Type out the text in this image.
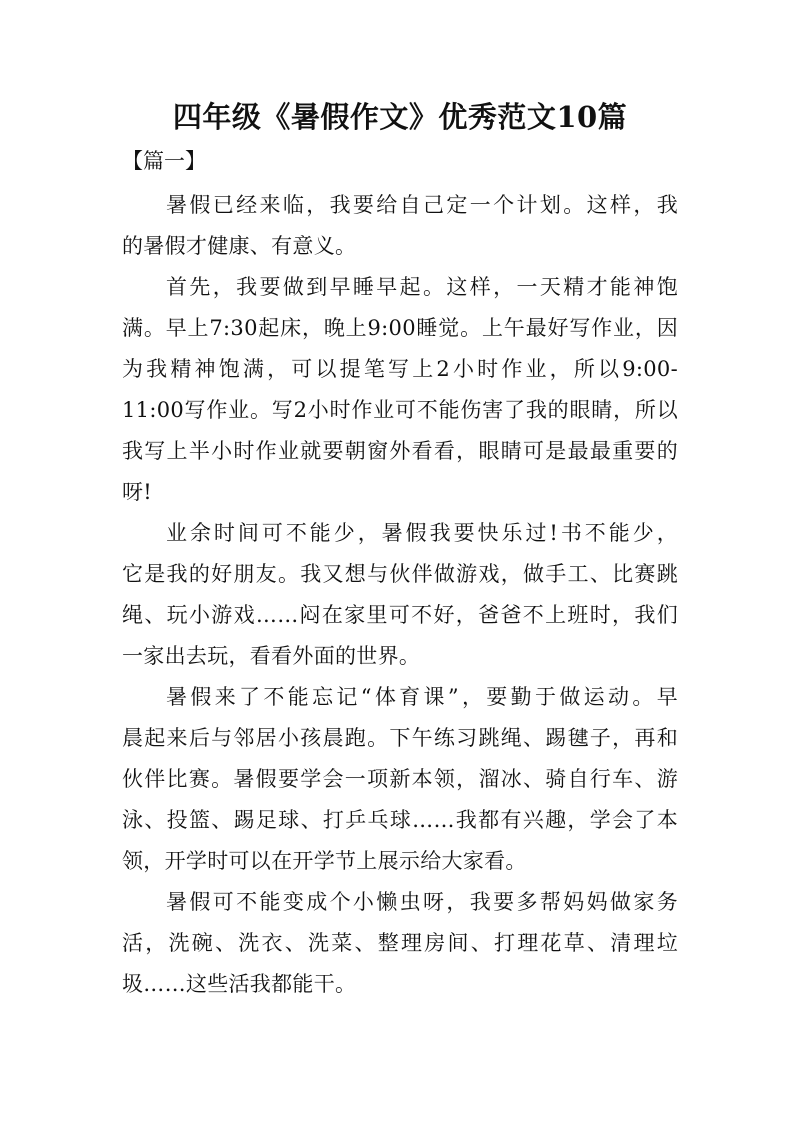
四年级《暑假作文》优秀范文10篇
【篇一】
暑假已经来临，我要给自己定一个计划。这样，我
的暑假才健康、有意义。
首先，我要做到早睡早起。这样，一天精才能神饱
满。早上7:30起床，晚上9:00睡觉。上午最好写作业，因
为我精神饱满，可以提笔写上2小时作业，所以9:00-
11:00写作业。写2小时作业可不能伤害了我的眼睛，所以
我写上半小时作业就要朝窗外看看，眼睛可是最最重要的
呀!
业余时间可不能少，暑假我要快乐过!书不能少，
它是我的好朋友。我又想与伙伴做游戏，做手工、比赛跳
绳、玩小游戏……闷在家里可不好，爸爸不上班时，我们
一家出去玩，看看外面的世界。
暑假来了不能忘记“体育课”，要勤于做运动。早
晨起来后与邻居小孩晨跑。下午练习跳绳、踢毽子，再和
伙伴比赛。暑假要学会一项新本领，溜冰、骑自行车、游
泳、投篮、踢足球、打乒乓球……我都有兴趣，学会了本
领，开学时可以在开学节上展示给大家看。
暑假可不能变成个小懒虫呀，我要多帮妈妈做家务
活，洗碗、洗衣、洗菜、整理房间、打理花草、清理垃
圾……这些活我都能干。
